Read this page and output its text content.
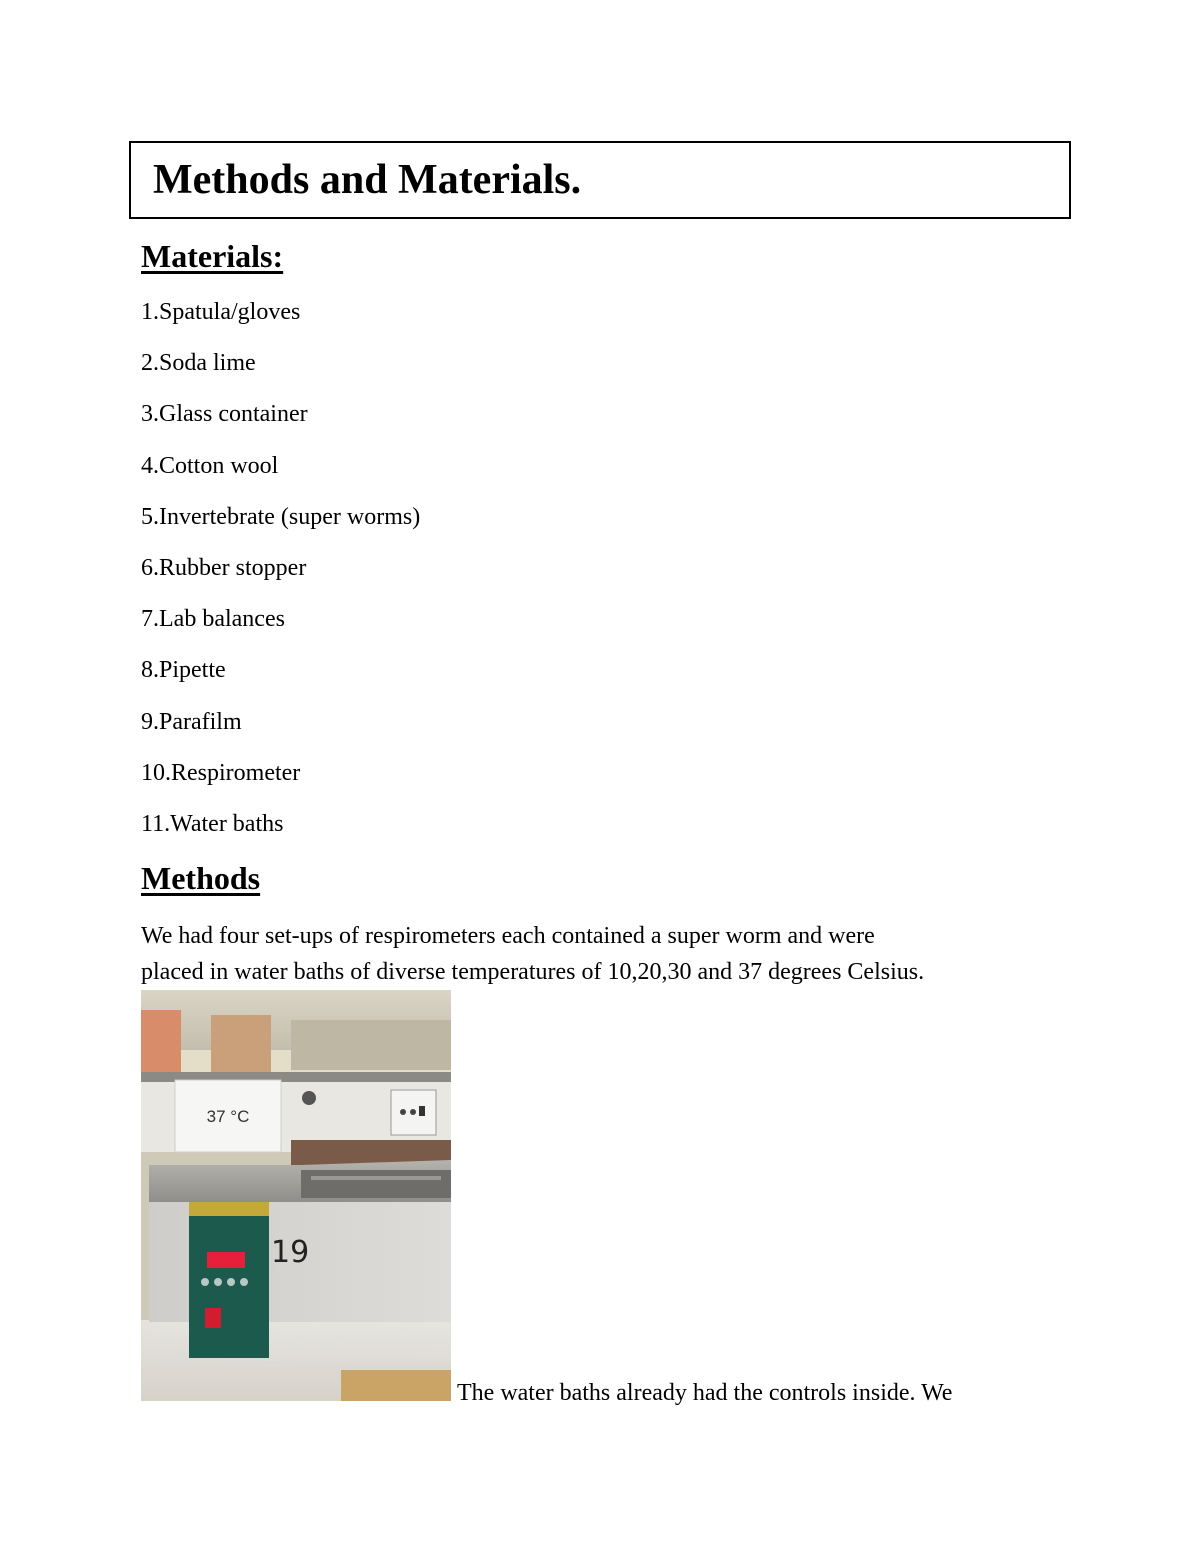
Methods and Materials.
Materials:
1.Spatula/gloves
2.Soda lime
3.Glass container
4.Cotton wool
5.Invertebrate (super worms)
6.Rubber stopper
7.Lab balances
8.Pipette
9.Parafilm
10.Respirometer
11.Water baths
Methods
We had four set-ups of respirometers each contained a super worm and were
placed in water baths of diverse temperatures of 10,20,30 and 37 degrees Celsius.
37 °C
19
The water baths already had the controls inside. We
